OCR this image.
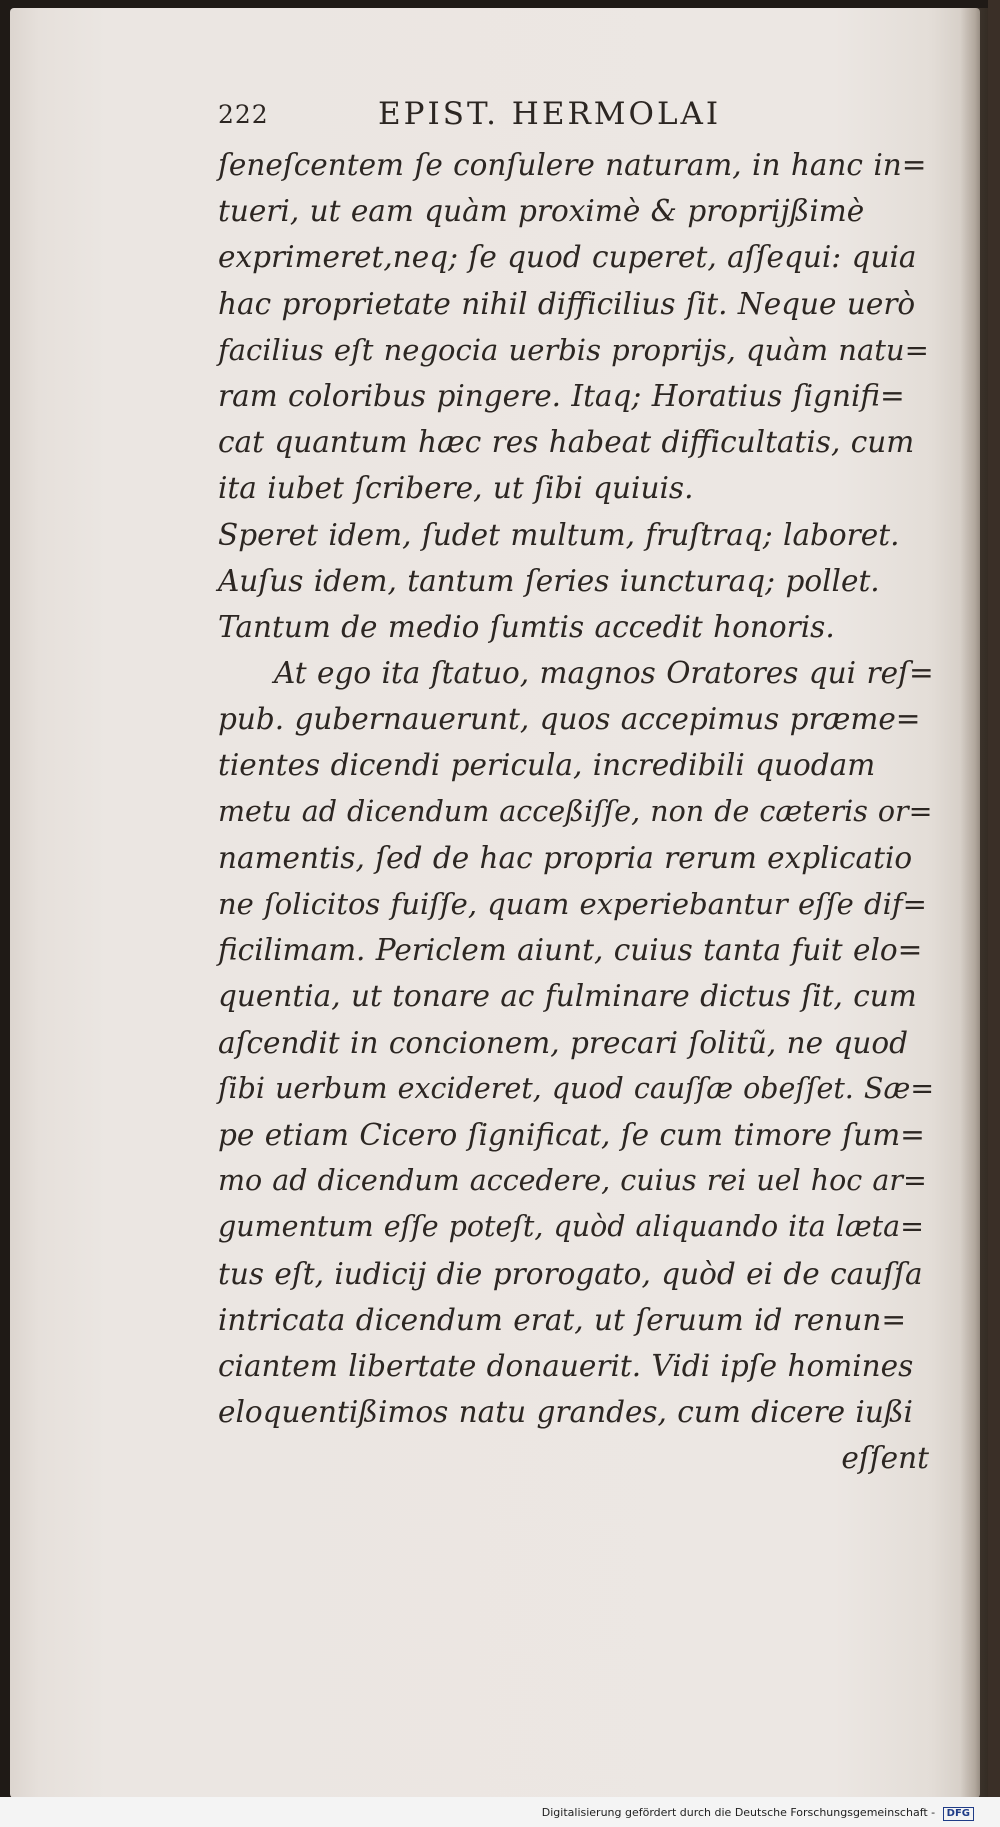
222	EPIST. HERMOLAI
ſeneſcentem ſe conſulere naturam, in hanc in=
tueri, ut eam quàm proximè & proprijßimè
exprimeret,neq; ſe quod cuperet, aſſequi: quia
hac proprietate nihil difficilius ſit. Neque uerò
facilius eſt negocia uerbis proprijs, quàm natu=
ram coloribus pingere. Itaq; Horatius ſignifi=
cat quantum hæc res habeat difficultatis, cum
ita iubet ſcribere, ut ſibi quiuis.
Speret idem, ſudet multum, fruſtraq; laboret.
Auſus idem, tantum ſeries iuncturaq; pollet.
Tantum de medio ſumtis accedit honoris.
At ego ita ſtatuo, magnos Oratores qui reſ=
pub. gubernauerunt, quos accepimus præme=
tientes dicendi pericula, incredibili quodam
metu ad dicendum acceßiſſe, non de cæteris or=
namentis, ſed de hac propria rerum explicatio
ne ſolicitos fuiſſe, quam experiebantur eſſe dif=
ficilimam. Periclem aiunt, cuius tanta fuit elo=
quentia, ut tonare ac fulminare dictus ſit, cum
aſcendit in concionem, precari ſolitũ, ne quod
ſibi uerbum excideret, quod cauſſæ obeſſet. Sæ=
pe etiam Cicero ſignificat, ſe cum timore ſum=
mo ad dicendum accedere, cuius rei uel hoc ar=
gumentum eſſe poteſt, quòd aliquando ita læta=
tus eſt, iudicij die prorogato, quòd ei de cauſſa
intricata dicendum erat, ut ſeruum id renun=
ciantem libertate donauerit. Vidi ipſe homines
eloquentißimos natu grandes, cum dicere iußi
eſſent
Digitalisierung gefördert durch die Deutsche Forschungsgemeinschaft - DFG
